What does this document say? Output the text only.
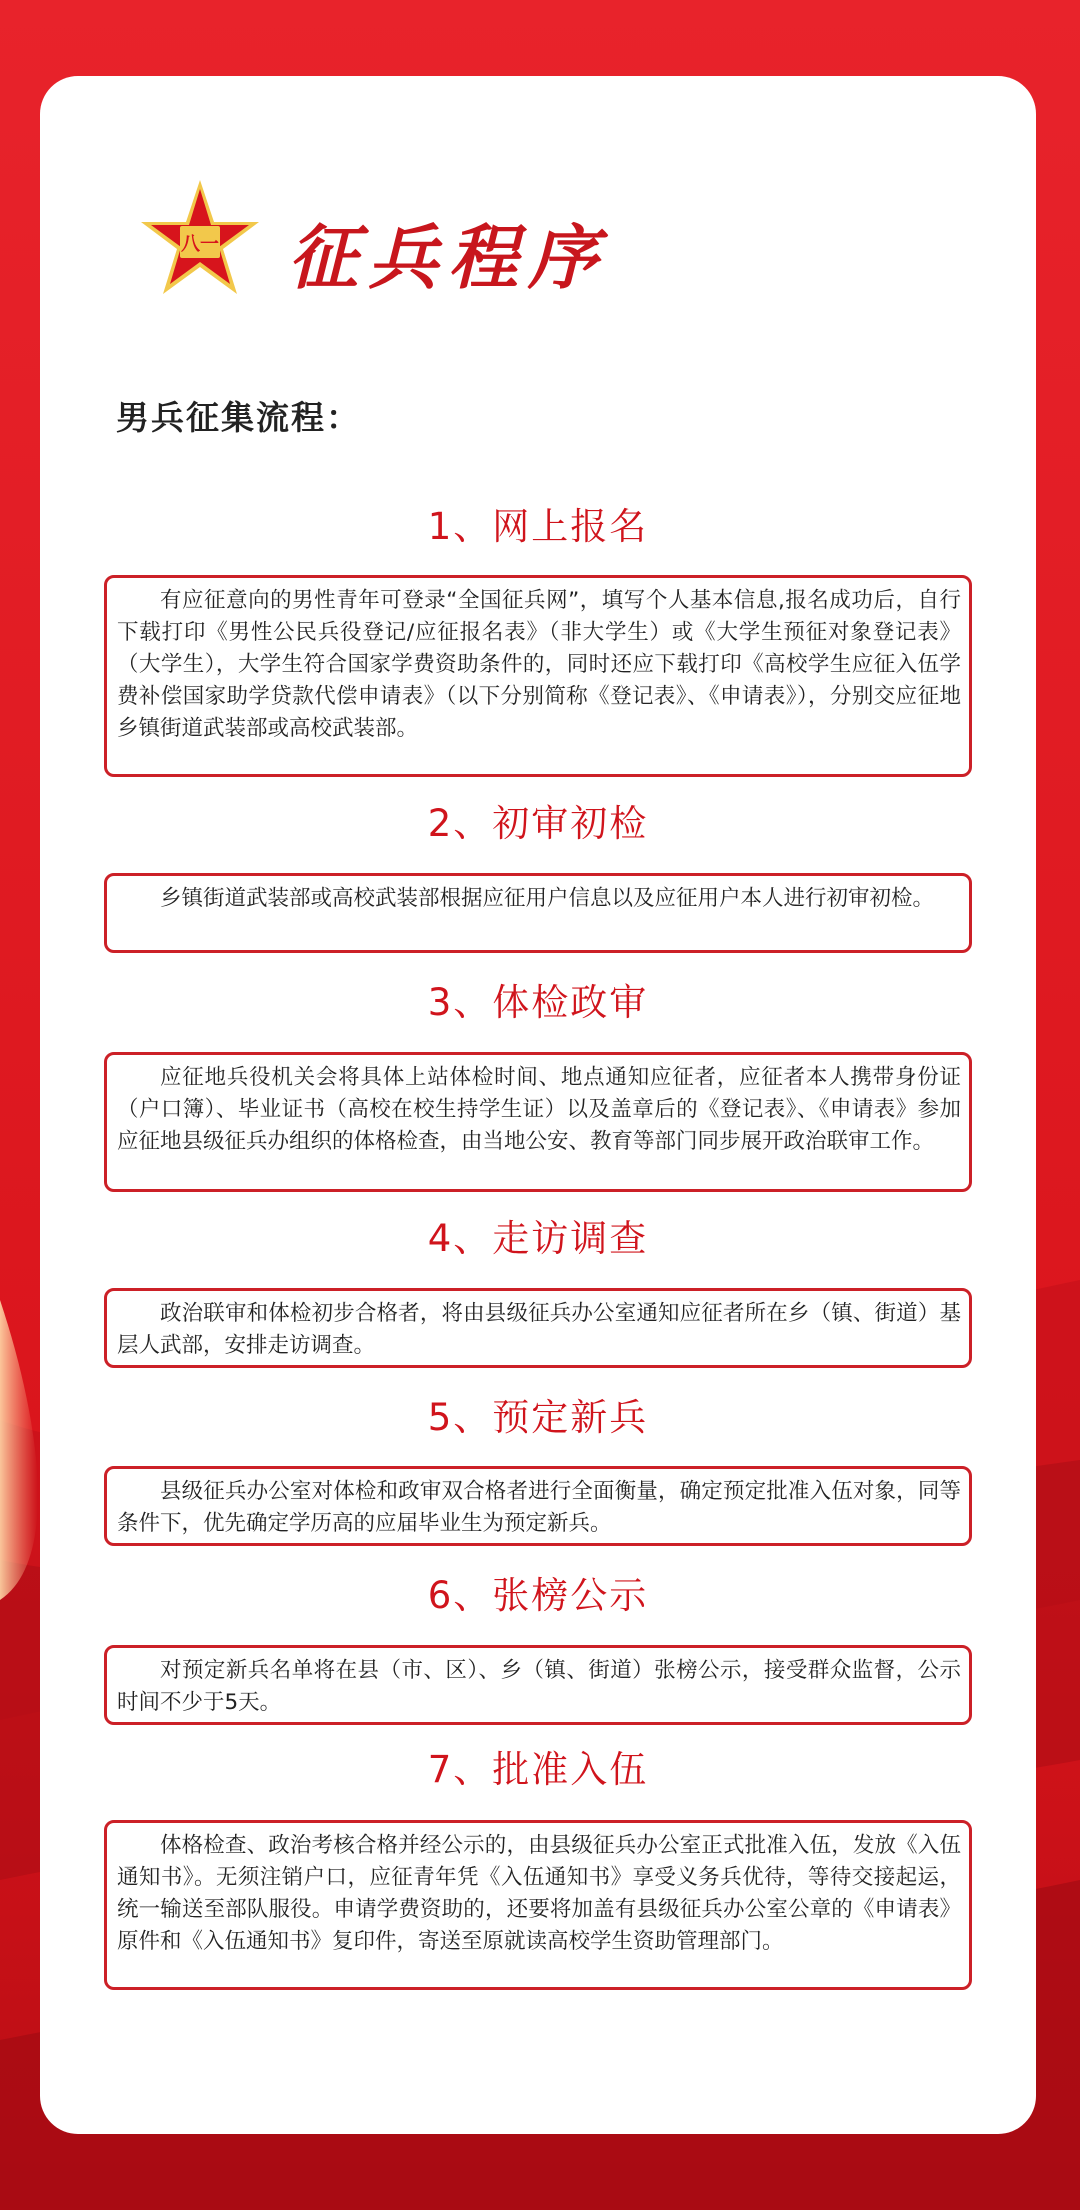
八一 征兵程序
男兵征集流程：
1、网上报名
有应征意向的男性青年可登录“全国征兵网”，填写个人基本信息,报名成功后，自行下载打印《男性公民兵役登记/应征报名表》（非大学生）或《大学生预征对象登记表》（大学生），大学生符合国家学费资助条件的，同时还应下载打印《高校学生应征入伍学费补偿国家助学贷款代偿申请表》（以下分别简称《登记表》、《申请表》），分别交应征地乡镇街道武装部或高校武装部。
2、初审初检
乡镇街道武装部或高校武装部根据应征用户信息以及应征用户本人进行初审初检。
3、体检政审
应征地兵役机关会将具体上站体检时间、地点通知应征者，应征者本人携带身份证（户口簿）、毕业证书（高校在校生持学生证）以及盖章后的《登记表》、《申请表》参加应征地县级征兵办组织的体格检查，由当地公安、教育等部门同步展开政治联审工作。
4、走访调查
政治联审和体检初步合格者，将由县级征兵办公室通知应征者所在乡（镇、街道）基层人武部，安排走访调查。
5、预定新兵
县级征兵办公室对体检和政审双合格者进行全面衡量，确定预定批准入伍对象，同等条件下，优先确定学历高的应届毕业生为预定新兵。
6、张榜公示
对预定新兵名单将在县（市、区）、乡（镇、街道）张榜公示，接受群众监督，公示时间不少于5天。
7、批准入伍
体格检查、政治考核合格并经公示的，由县级征兵办公室正式批准入伍，发放《入伍通知书》。无须注销户口，应征青年凭《入伍通知书》享受义务兵优待，等待交接起运，统一输送至部队服役。申请学费资助的，还要将加盖有县级征兵办公室公章的《申请表》原件和《入伍通知书》复印件，寄送至原就读高校学生资助管理部门。
